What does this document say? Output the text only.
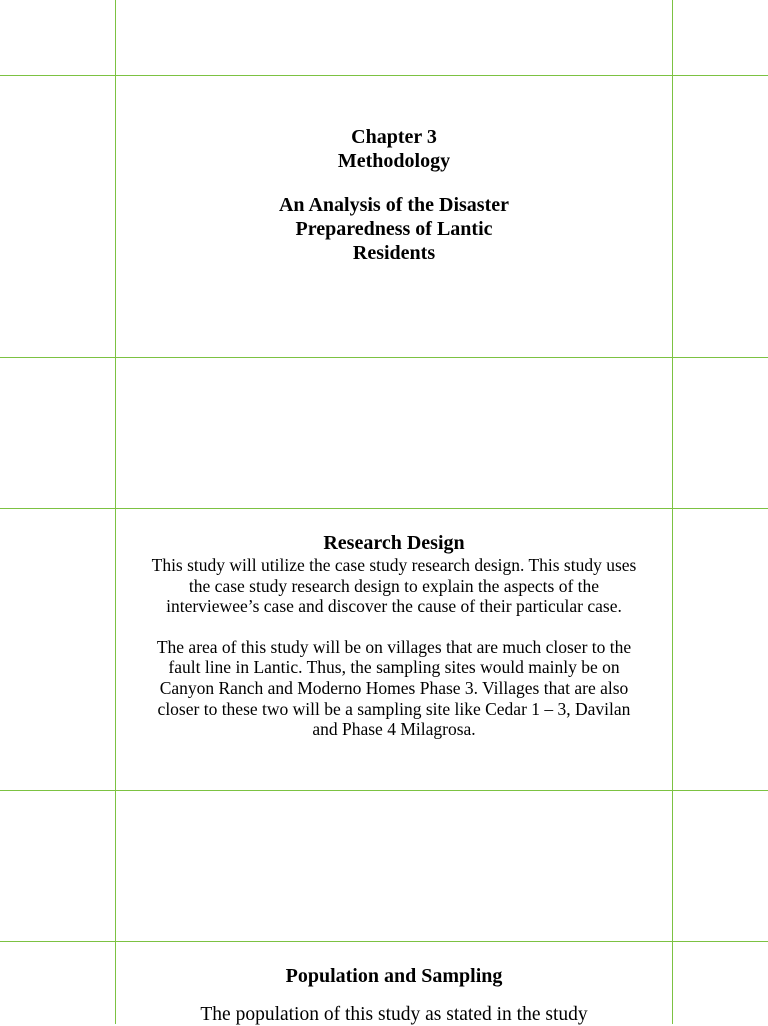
Chapter 3
Methodology
An Analysis of the Disaster
Preparedness of Lantic
Residents
Research Design

This study will utilize the case study research design. This study uses the case study research design to explain the aspects of the interviewee’s case and discover the cause of their particular case.

The area of this study will be on villages that are much closer to the fault line in Lantic. Thus, the sampling sites would mainly be on Canyon Ranch and Moderno Homes Phase 3. Villages that are also closer to these two will be a sampling site like Cedar 1 – 3, Davilan and Phase 4 Milagrosa.

Population and Sampling

The population of this study as stated in the study
